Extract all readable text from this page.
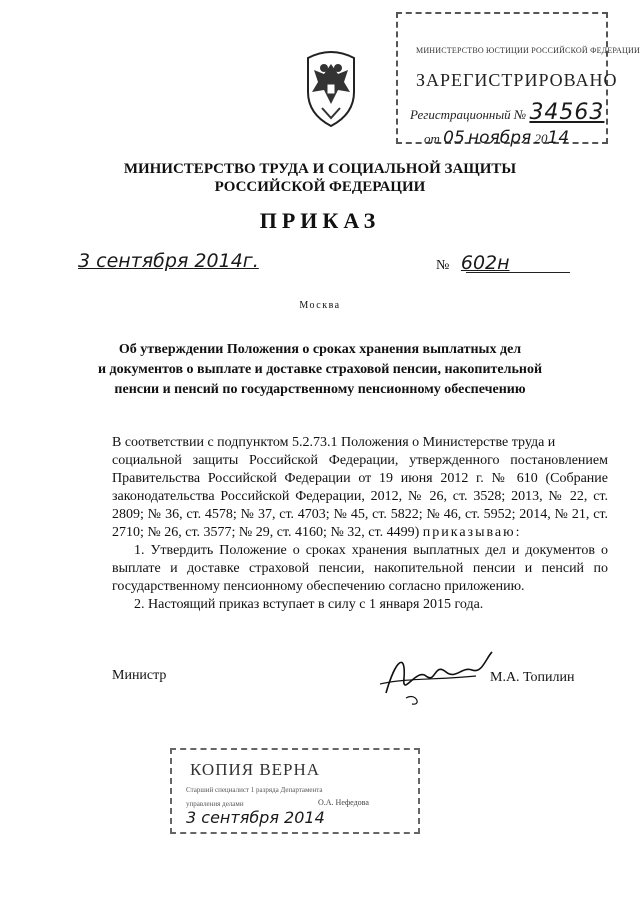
МИНИСТЕРСТВО ЮСТИЦИИ РОССИЙСКОЙ ФЕДЕРАЦИИ
ЗАРЕГИСТРИРОВАНО
Регистрационный № 34563
от 05 ноября 2014
МИНИСТЕРСТВО ТРУДА И СОЦИАЛЬНОЙ ЗАЩИТЫ
РОССИЙСКОЙ ФЕДЕРАЦИИ
ПРИКАЗ
3 сентября 2014г.	№ 602н
Москва
Об утверждении Положения о сроках хранения выплатных дел
и документов о выплате и доставке страховой пенсии, накопительной
пенсии и пенсий по государственному пенсионному обеспечению

В соответствии с подпунктом 5.2.73.1 Положения о Министерстве труда и
социальной защиты Российской Федерации, утвержденного постановлением Правительства Российской Федерации от 19 июня 2012 г. № 610 (Собрание законодательства Российской Федерации, 2012, № 26, ст. 3528; 2013, № 22, ст. 2809; № 36, ст. 4578; № 37, ст. 4703; № 45, ст. 5822; № 46, ст. 5952; 2014, № 21, ст. 2710; № 26, ст. 3577; № 29, ст. 4160; № 32, ст. 4499) приказываю:

1. Утвердить Положение о сроках хранения выплатных дел и документов о выплате и доставке страховой пенсии, накопительной пенсии и пенсий по государственному пенсионному обеспечению согласно приложению.

2. Настоящий приказ вступает в силу с 1 января 2015 года.

Министр	М.А. Топилин
КОПИЯ ВЕРНА
Старший специалист 1 разряда Департамента
управления делами	О.А. Нефедова
3 сентября 2014
